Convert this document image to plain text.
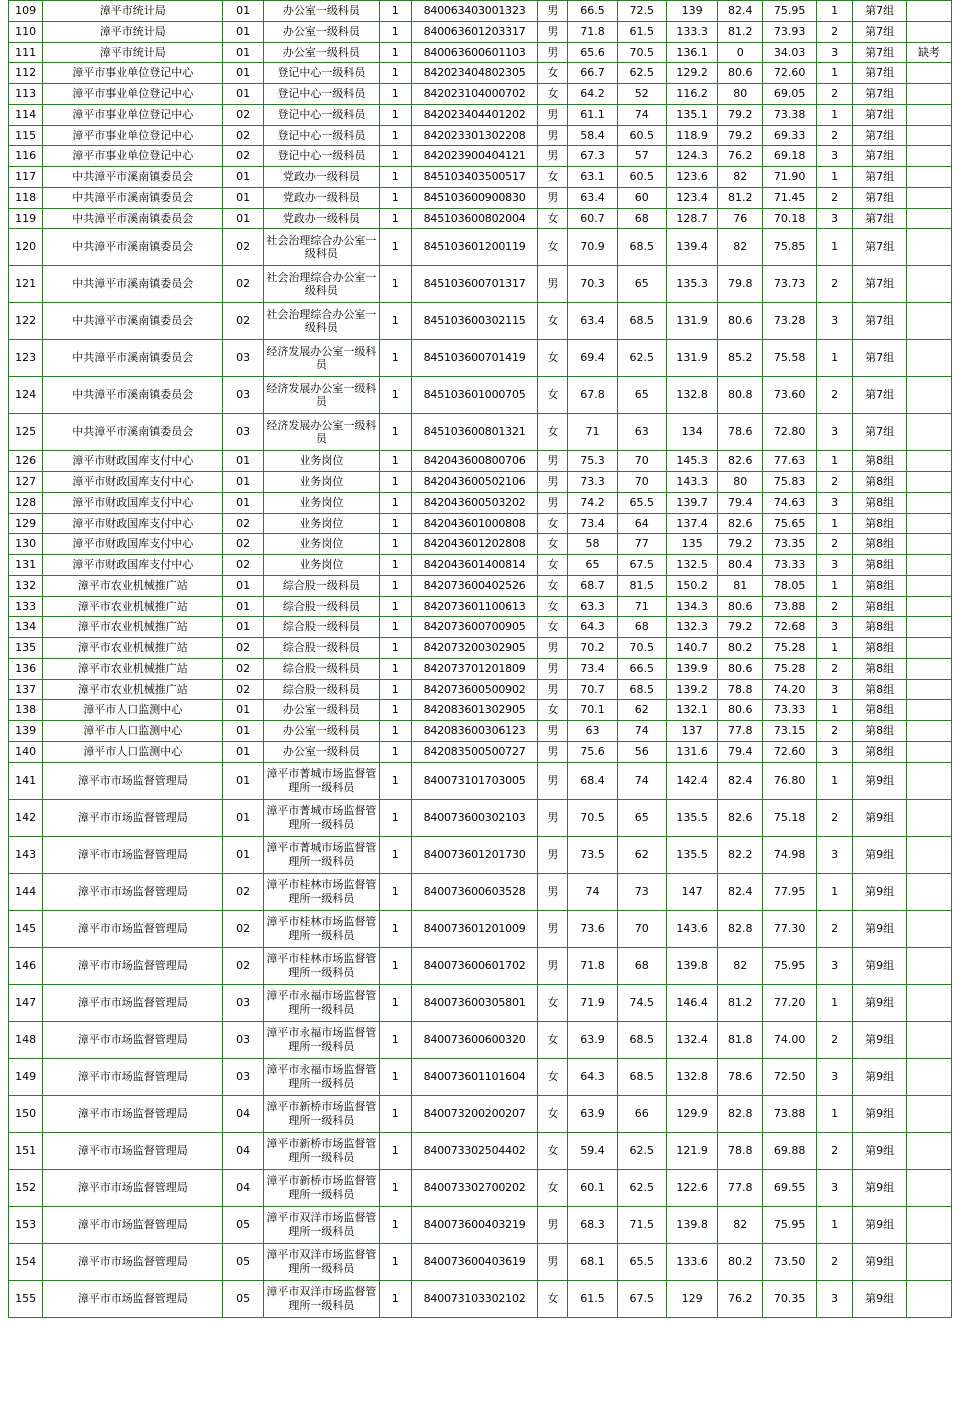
109	漳平市统计局	01	办公室一级科员	1	840063403001323	男	66.5	72.5	139	82.4	75.95	1	第7组	
110	漳平市统计局	01	办公室一级科员	1	840063601203317	男	71.8	61.5	133.3	81.2	73.93	2	第7组	
111	漳平市统计局	01	办公室一级科员	1	840063600601103	男	65.6	70.5	136.1	0	34.03	3	第7组	缺考
112	漳平市事业单位登记中心	01	登记中心一级科员	1	842023404802305	女	66.7	62.5	129.2	80.6	72.60	1	第7组	
113	漳平市事业单位登记中心	01	登记中心一级科员	1	842023104000702	女	64.2	52	116.2	80	69.05	2	第7组	
114	漳平市事业单位登记中心	02	登记中心一级科员	1	842023404401202	男	61.1	74	135.1	79.2	73.38	1	第7组	
115	漳平市事业单位登记中心	02	登记中心一级科员	1	842023301302208	男	58.4	60.5	118.9	79.2	69.33	2	第7组	
116	漳平市事业单位登记中心	02	登记中心一级科员	1	842023900404121	男	67.3	57	124.3	76.2	69.18	3	第7组	
117	中共漳平市溪南镇委员会	01	党政办一级科员	1	845103403500517	女	63.1	60.5	123.6	82	71.90	1	第7组	
118	中共漳平市溪南镇委员会	01	党政办一级科员	1	845103600900830	男	63.4	60	123.4	81.2	71.45	2	第7组	
119	中共漳平市溪南镇委员会	01	党政办一级科员	1	845103600802004	女	60.7	68	128.7	76	70.18	3	第7组	
120	中共漳平市溪南镇委员会	02	社会治理综合办公室一级科员	1	845103601200119	女	70.9	68.5	139.4	82	75.85	1	第7组	
121	中共漳平市溪南镇委员会	02	社会治理综合办公室一级科员	1	845103600701317	男	70.3	65	135.3	79.8	73.73	2	第7组	
122	中共漳平市溪南镇委员会	02	社会治理综合办公室一级科员	1	845103600302115	女	63.4	68.5	131.9	80.6	73.28	3	第7组	
123	中共漳平市溪南镇委员会	03	经济发展办公室一级科员	1	845103600701419	女	69.4	62.5	131.9	85.2	75.58	1	第7组	
124	中共漳平市溪南镇委员会	03	经济发展办公室一级科员	1	845103601000705	女	67.8	65	132.8	80.8	73.60	2	第7组	
125	中共漳平市溪南镇委员会	03	经济发展办公室一级科员	1	845103600801321	女	71	63	134	78.6	72.80	3	第7组	
126	漳平市财政国库支付中心	01	业务岗位	1	842043600800706	男	75.3	70	145.3	82.6	77.63	1	第8组	
127	漳平市财政国库支付中心	01	业务岗位	1	842043600502106	男	73.3	70	143.3	80	75.83	2	第8组	
128	漳平市财政国库支付中心	01	业务岗位	1	842043600503202	男	74.2	65.5	139.7	79.4	74.63	3	第8组	
129	漳平市财政国库支付中心	02	业务岗位	1	842043601000808	女	73.4	64	137.4	82.6	75.65	1	第8组	
130	漳平市财政国库支付中心	02	业务岗位	1	842043601202808	女	58	77	135	79.2	73.35	2	第8组	
131	漳平市财政国库支付中心	02	业务岗位	1	842043601400814	女	65	67.5	132.5	80.4	73.33	3	第8组	
132	漳平市农业机械推广站	01	综合股一级科员	1	842073600402526	女	68.7	81.5	150.2	81	78.05	1	第8组	
133	漳平市农业机械推广站	01	综合股一级科员	1	842073601100613	女	63.3	71	134.3	80.6	73.88	2	第8组	
134	漳平市农业机械推广站	01	综合股一级科员	1	842073600700905	女	64.3	68	132.3	79.2	72.68	3	第8组	
135	漳平市农业机械推广站	02	综合股一级科员	1	842073200302905	男	70.2	70.5	140.7	80.2	75.28	1	第8组	
136	漳平市农业机械推广站	02	综合股一级科员	1	842073701201809	男	73.4	66.5	139.9	80.6	75.28	2	第8组	
137	漳平市农业机械推广站	02	综合股一级科员	1	842073600500902	男	70.7	68.5	139.2	78.8	74.20	3	第8组	
138	漳平市人口监测中心	01	办公室一级科员	1	842083601302905	女	70.1	62	132.1	80.6	73.33	1	第8组	
139	漳平市人口监测中心	01	办公室一级科员	1	842083600306123	男	63	74	137	77.8	73.15	2	第8组	
140	漳平市人口监测中心	01	办公室一级科员	1	842083500500727	男	75.6	56	131.6	79.4	72.60	3	第8组	
141	漳平市市场监督管理局	01	漳平市菁城市场监督管理所一级科员	1	840073101703005	男	68.4	74	142.4	82.4	76.80	1	第9组	
142	漳平市市场监督管理局	01	漳平市菁城市场监督管理所一级科员	1	840073600302103	男	70.5	65	135.5	82.6	75.18	2	第9组	
143	漳平市市场监督管理局	01	漳平市菁城市场监督管理所一级科员	1	840073601201730	男	73.5	62	135.5	82.2	74.98	3	第9组	
144	漳平市市场监督管理局	02	漳平市桂林市场监督管理所一级科员	1	840073600603528	男	74	73	147	82.4	77.95	1	第9组	
145	漳平市市场监督管理局	02	漳平市桂林市场监督管理所一级科员	1	840073601201009	男	73.6	70	143.6	82.8	77.30	2	第9组	
146	漳平市市场监督管理局	02	漳平市桂林市场监督管理所一级科员	1	840073600601702	男	71.8	68	139.8	82	75.95	3	第9组	
147	漳平市市场监督管理局	03	漳平市永福市场监督管理所一级科员	1	840073600305801	女	71.9	74.5	146.4	81.2	77.20	1	第9组	
148	漳平市市场监督管理局	03	漳平市永福市场监督管理所一级科员	1	840073600600320	女	63.9	68.5	132.4	81.8	74.00	2	第9组	
149	漳平市市场监督管理局	03	漳平市永福市场监督管理所一级科员	1	840073601101604	女	64.3	68.5	132.8	78.6	72.50	3	第9组	
150	漳平市市场监督管理局	04	漳平市新桥市场监督管理所一级科员	1	840073200200207	女	63.9	66	129.9	82.8	73.88	1	第9组	
151	漳平市市场监督管理局	04	漳平市新桥市场监督管理所一级科员	1	840073302504402	女	59.4	62.5	121.9	78.8	69.88	2	第9组	
152	漳平市市场监督管理局	04	漳平市新桥市场监督管理所一级科员	1	840073302700202	女	60.1	62.5	122.6	77.8	69.55	3	第9组	
153	漳平市市场监督管理局	05	漳平市双洋市场监督管理所一级科员	1	840073600403219	男	68.3	71.5	139.8	82	75.95	1	第9组	
154	漳平市市场监督管理局	05	漳平市双洋市场监督管理所一级科员	1	840073600403619	男	68.1	65.5	133.6	80.2	73.50	2	第9组	
155	漳平市市场监督管理局	05	漳平市双洋市场监督管理所一级科员	1	840073103302102	女	61.5	67.5	129	76.2	70.35	3	第9组	
